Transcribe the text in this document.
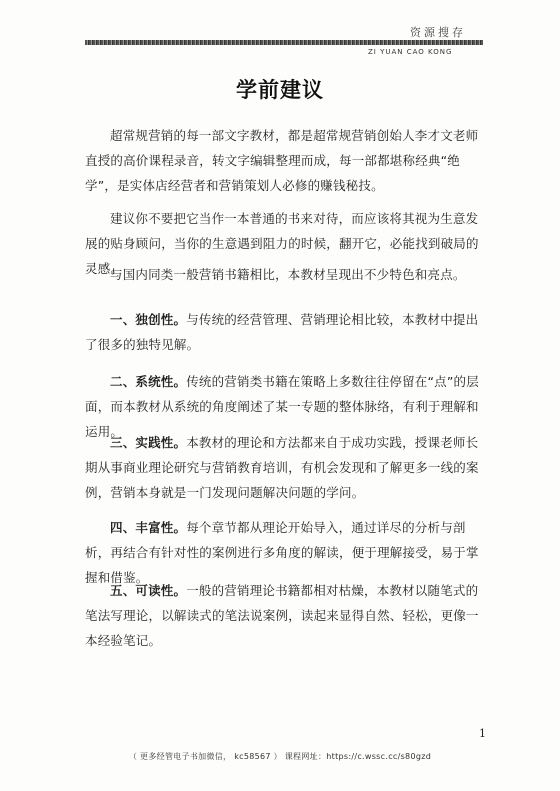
资源搜存
ZI YUAN CAO KONG
学前建议
超常规营销的每一部文字教材，都是超常规营销创始人李才文老师直授的高价课程录音，转文字编辑整理而成，每一部都堪称经典“绝学”，是实体店经营者和营销策划人必修的赚钱秘技。
建议你不要把它当作一本普通的书来对待，而应该将其视为生意发展的贴身顾问，当你的生意遇到阻力的时候，翻开它，必能找到破局的灵感。
与国内同类一般营销书籍相比，本教材呈现出不少特色和亮点。
一、独创性。与传统的经营管理、营销理论相比较，本教材中提出了很多的独特见解。
二、系统性。传统的营销类书籍在策略上多数往往停留在“点”的层面，而本教材从系统的角度阐述了某一专题的整体脉络，有利于理解和运用。
三、实践性。本教材的理论和方法都来自于成功实践，授课老师长期从事商业理论研究与营销教育培训，有机会发现和了解更多一线的案例，营销本身就是一门发现问题解决问题的学问。
四、丰富性。每个章节都从理论开始导入，通过详尽的分析与剖析，再结合有针对性的案例进行多角度的解读，便于理解接受，易于掌握和借鉴。
五、可读性。一般的营销理论书籍都相对枯燥，本教材以随笔式的笔法写理论，以解读式的笔法说案例，读起来显得自然、轻松，更像一本经验笔记。
1
（ 更多经管电子书加微信， kc58567 ） 课程网址：https://c.wssc.cc/s80gzd
